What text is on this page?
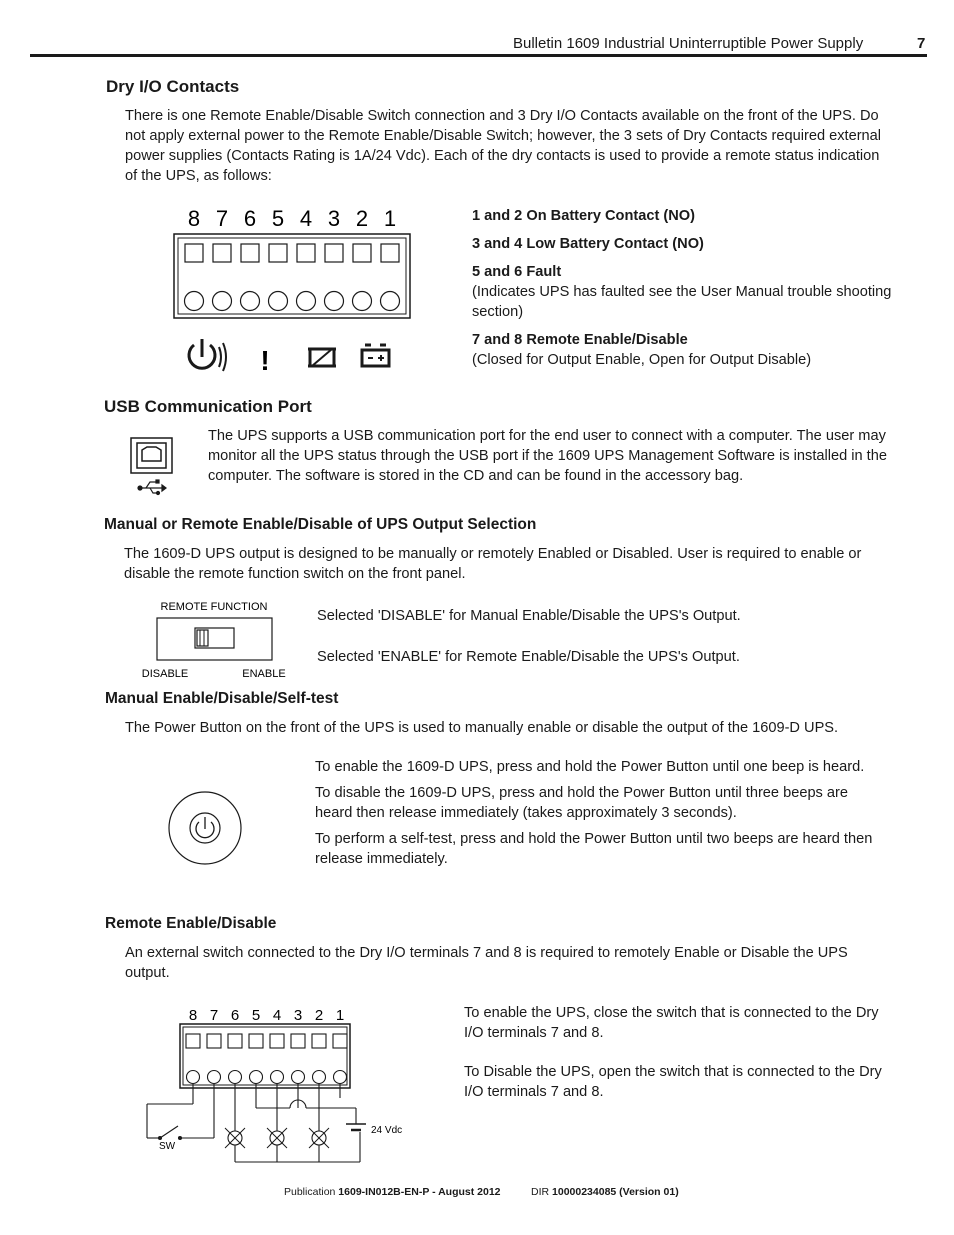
Bulletin 1609 Industrial Uninterruptible Power Supply	7
Dry I/O Contacts
There is one Remote Enable/Disable Switch connection and 3 Dry I/O Contacts available on the front of the UPS. Do not apply external power to the Remote Enable/Disable Switch; however, the 3 sets of Dry Contacts required external power supplies (Contacts Rating is 1A/24 Vdc). Each of the dry contacts is used to provide a remote status indication of the UPS, as follows:
8 7 6 5 4 3 2 1
!
1 and 2 On Battery Contact (NO)
3 and 4 Low Battery Contact (NO)
5 and 6 Fault
(Indicates UPS has faulted see the User Manual trouble shooting section)
7 and 8 Remote Enable/Disable
(Closed for Output Enable, Open for Output Disable)
USB Communication Port
The UPS supports a USB communication port for the end user to connect with a computer. The user may monitor all the UPS status through the USB port if the 1609 UPS Management Software is installed in the computer. The software is stored in the CD and can be found in the accessory bag.
Manual or Remote Enable/Disable of UPS Output Selection
The 1609-D UPS output is designed to be manually or remotely Enabled or Disabled. User is required to enable or disable the remote function switch on the front panel.
REMOTE FUNCTION
DISABLE	ENABLE
Selected 'DISABLE' for Manual Enable/Disable the UPS's Output.
Selected 'ENABLE' for Remote Enable/Disable the UPS's Output.
Manual Enable/Disable/Self-test
The Power Button on the front of the UPS is used to manually enable or disable the output of the 1609-D UPS.

To enable the 1609-D UPS, press and hold the Power Button until one beep is heard.

To disable the 1609-D UPS, press and hold the Power Button until three beeps are heard then release immediately (takes approximately 3 seconds).

To perform a self-test, press and hold the Power Button until two beeps are heard then release immediately.

Remote Enable/Disable
An external switch connected to the Dry I/O terminals 7 and 8 is required to remotely Enable or Disable the UPS output.
8 7 6 5 4 3 2 1
SW
24 Vdc
To enable the UPS, close the switch that is connected to the Dry I/O terminals 7 and 8.
To Disable the UPS, open the switch that is connected to the Dry I/O terminals 7 and 8.
Publication 1609-IN012B-EN-P - August 2012	DIR 10000234085 (Version 01)
